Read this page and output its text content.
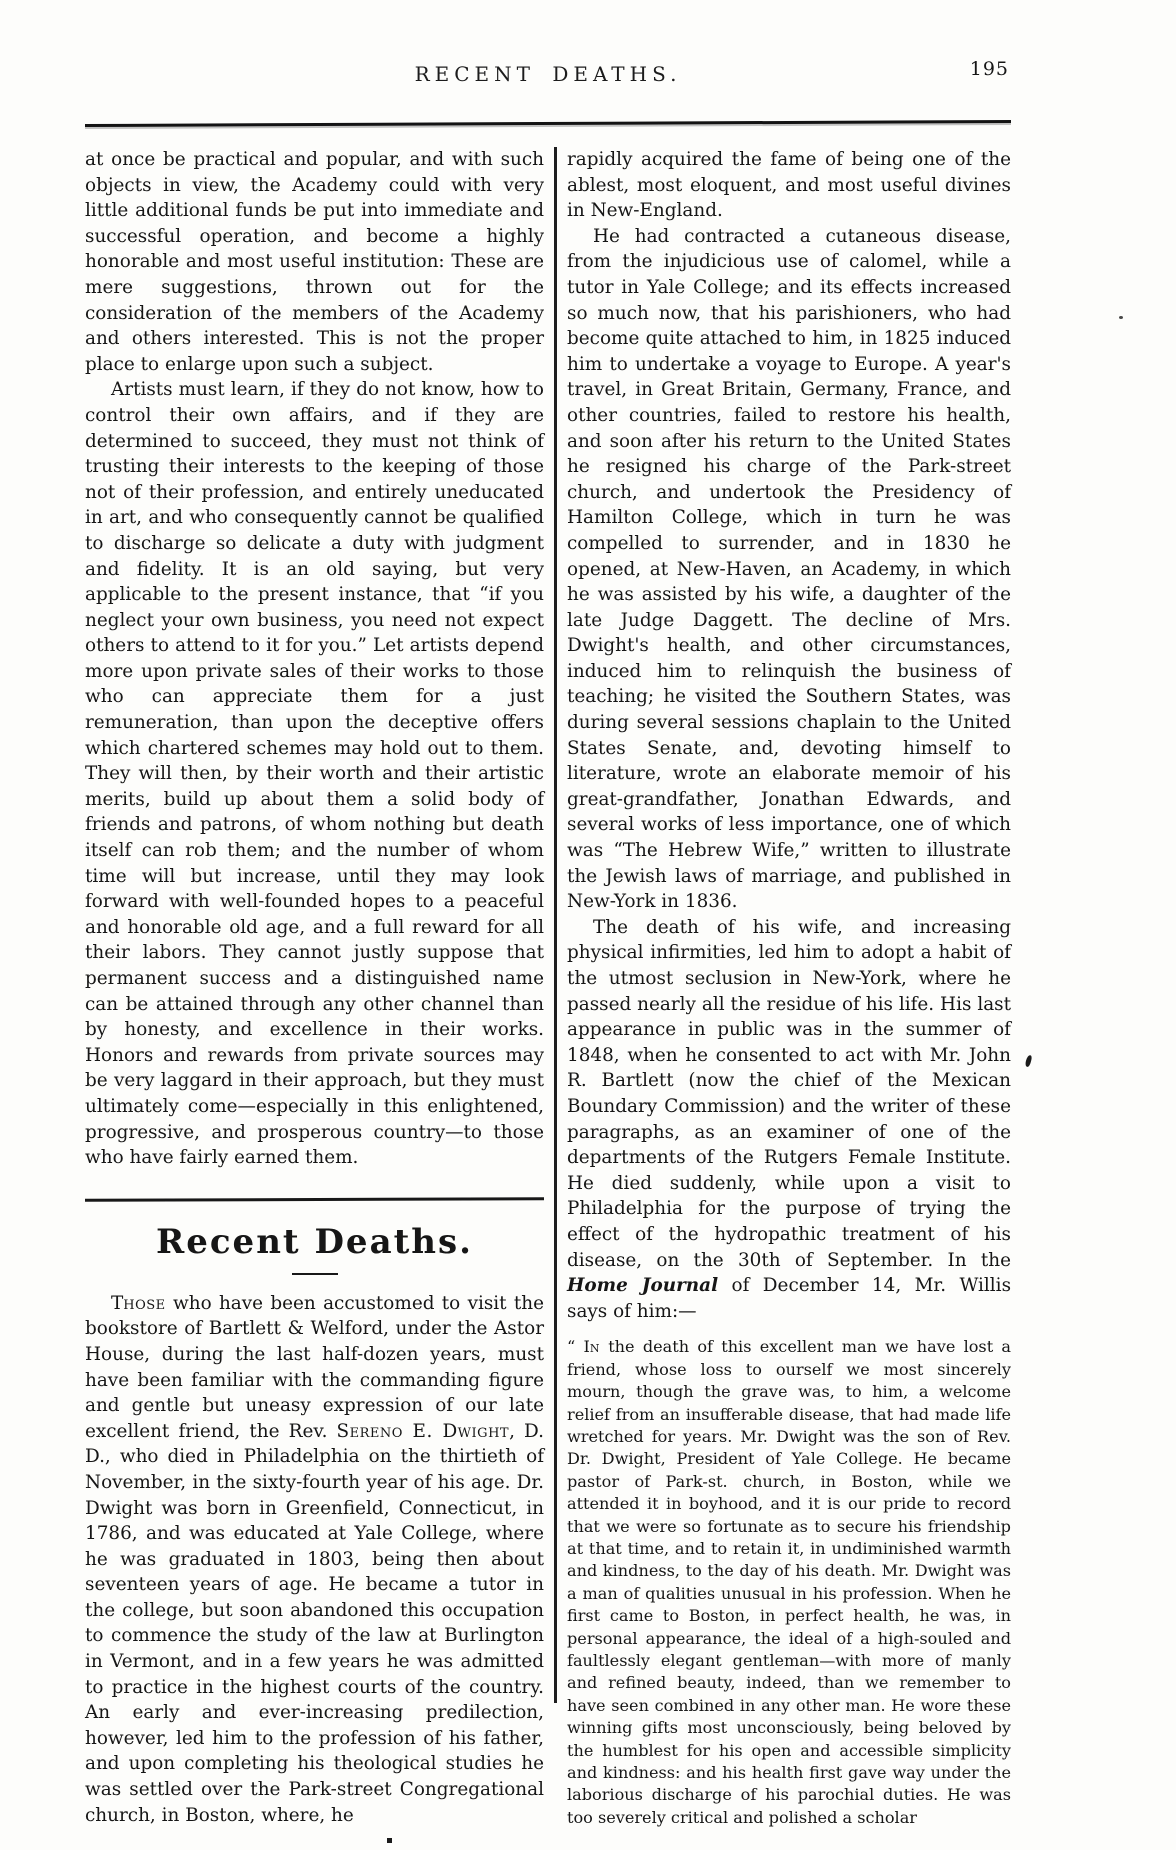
RECENT DEATHS.	195

at once be practical and popular, and with such objects in view, the Academy could with very little additional funds be put into immediate and successful operation, and become a highly honorable and most useful institution: These are mere suggestions, thrown out for the consideration of the members of the Academy and others interested. This is not the proper place to enlarge upon such a subject.

Artists must learn, if they do not know, how to control their own affairs, and if they are determined to succeed, they must not think of trusting their interests to the keeping of those not of their profession, and entirely uneducated in art, and who consequently cannot be qualified to discharge so delicate a duty with judgment and fidelity. It is an old saying, but very applicable to the present instance, that “if you neglect your own business, you need not expect others to attend to it for you.” Let artists depend more upon private sales of their works to those who can appreciate them for a just remuneration, than upon the deceptive offers which chartered schemes may hold out to them. They will then, by their worth and their artistic merits, build up about them a solid body of friends and patrons, of whom nothing but death itself can rob them; and the number of whom time will but increase, until they may look forward with well-founded hopes to a peaceful and honorable old age, and a full reward for all their labors. They cannot justly suppose that permanent success and a distinguished name can be attained through any other channel than by honesty, and excellence in their works. Honors and rewards from private sources may be very laggard in their approach, but they must ultimately come—especially in this enlightened, progressive, and prosperous country—to those who have fairly earned them.

Recent Deaths.

Those who have been accustomed to visit the bookstore of Bartlett & Welford, under the Astor House, during the last half-dozen years, must have been familiar with the commanding figure and gentle but uneasy expression of our late excellent friend, the Rev. Sereno E. Dwight, D. D., who died in Philadelphia on the thirtieth of November, in the sixty-fourth year of his age. Dr. Dwight was born in Greenfield, Connecticut, in 1786, and was educated at Yale College, where he was graduated in 1803, being then about seventeen years of age. He became a tutor in the college, but soon abandoned this occupation to commence the study of the law at Burlington in Vermont, and in a few years he was admitted to practice in the highest courts of the country. An early and ever-increasing predilection, however, led him to the profession of his father, and upon completing his theological studies he was settled over the Park-street Congregational church, in Boston, where, he

rapidly acquired the fame of being one of the ablest, most eloquent, and most useful divines in New-England.

He had contracted a cutaneous disease, from the injudicious use of calomel, while a tutor in Yale College; and its effects increased so much now, that his parishioners, who had become quite attached to him, in 1825 induced him to undertake a voyage to Europe. A year's travel, in Great Britain, Germany, France, and other countries, failed to restore his health, and soon after his return to the United States he resigned his charge of the Park-street church, and undertook the Presidency of Hamilton College, which in turn he was compelled to surrender, and in 1830 he opened, at New-Haven, an Academy, in which he was assisted by his wife, a daughter of the late Judge Daggett. The decline of Mrs. Dwight's health, and other circumstances, induced him to relinquish the business of teaching; he visited the Southern States, was during several sessions chaplain to the United States Senate, and, devoting himself to literature, wrote an elaborate memoir of his great-grandfather, Jonathan Edwards, and several works of less importance, one of which was “The Hebrew Wife,” written to illustrate the Jewish laws of marriage, and published in New-York in 1836.

The death of his wife, and increasing physical infirmities, led him to adopt a habit of the utmost seclusion in New-York, where he passed nearly all the residue of his life. His last appearance in public was in the summer of 1848, when he consented to act with Mr. John R. Bartlett (now the chief of the Mexican Boundary Commission) and the writer of these paragraphs, as an examiner of one of the departments of the Rutgers Female Institute. He died suddenly, while upon a visit to Philadelphia for the purpose of trying the effect of the hydropathic treatment of his disease, on the 30th of September. In the Home Journal of December 14, Mr. Willis says of him:—

“ In the death of this excellent man we have lost a friend, whose loss to ourself we most sincerely mourn, though the grave was, to him, a welcome relief from an insufferable disease, that had made life wretched for years. Mr. Dwight was the son of Rev. Dr. Dwight, President of Yale College. He became pastor of Park-st. church, in Boston, while we attended it in boyhood, and it is our pride to record that we were so fortunate as to secure his friendship at that time, and to retain it, in undiminished warmth and kindness, to the day of his death. Mr. Dwight was a man of qualities unusual in his profession. When he first came to Boston, in perfect health, he was, in personal appearance, the ideal of a high-souled and faultlessly elegant gentleman—with more of manly and refined beauty, indeed, than we remember to have seen combined in any other man. He wore these winning gifts most unconsciously, being beloved by the humblest for his open and accessible simplicity and kindness: and his health first gave way under the laborious discharge of his parochial duties. He was too severely critical and polished a scholar
